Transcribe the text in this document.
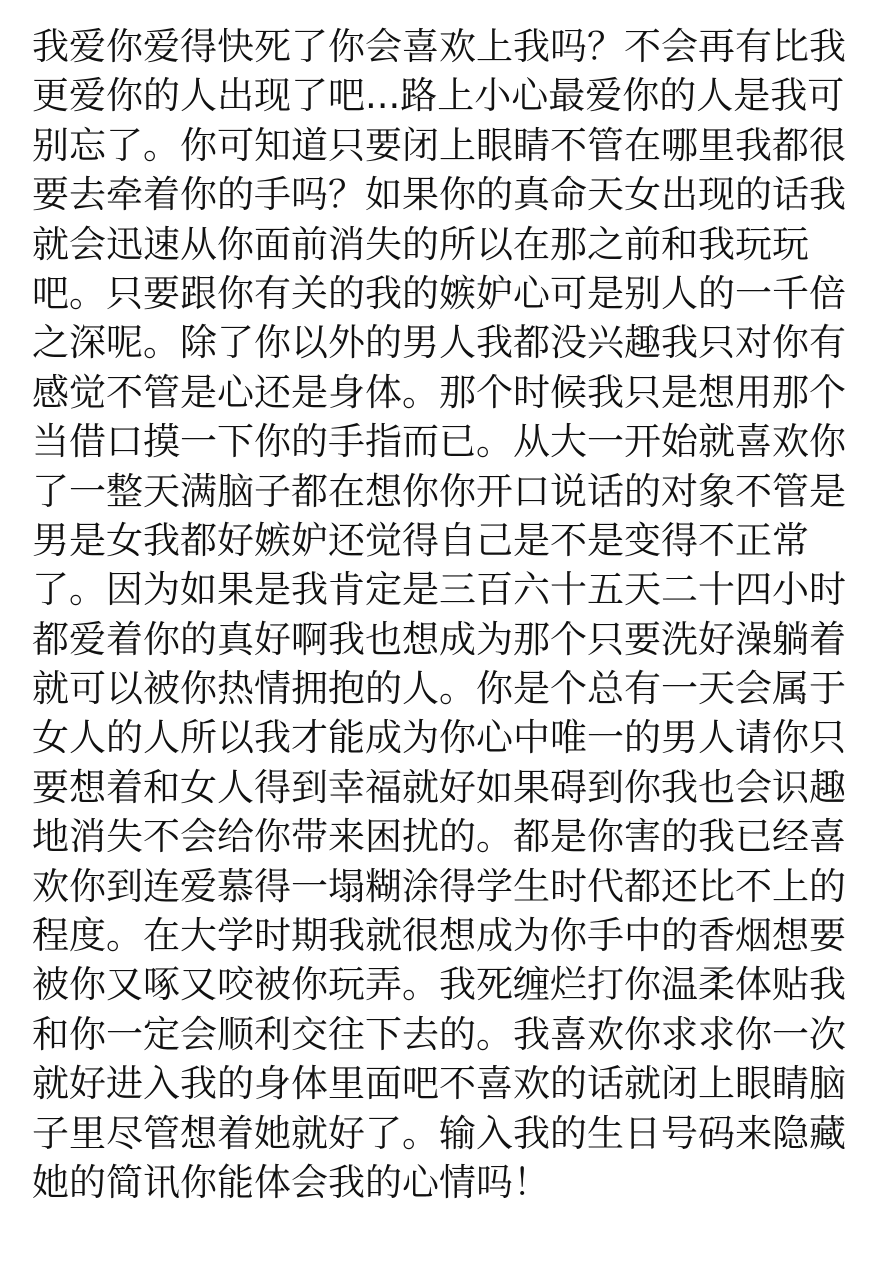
我爱你爱得快死了你会喜欢上我吗？不会再有比我
更爱你的人出现了吧...路上小心最爱你的人是我可
别忘了。你可知道只要闭上眼睛不管在哪里我都很
要去牵着你的手吗？如果你的真命天女出现的话我
就会迅速从你面前消失的所以在那之前和我玩玩
吧。只要跟你有关的我的嫉妒心可是别人的一千倍
之深呢。除了你以外的男人我都没兴趣我只对你有
感觉不管是心还是身体。那个时候我只是想用那个
当借口摸一下你的手指而已。从大一开始就喜欢你
了一整天满脑子都在想你你开口说话的对象不管是
男是女我都好嫉妒还觉得自己是不是变得不正常
了。因为如果是我肯定是三百六十五天二十四小时
都爱着你的真好啊我也想成为那个只要洗好澡躺着
就可以被你热情拥抱的人。你是个总有一天会属于
女人的人所以我才能成为你心中唯一的男人请你只
要想着和女人得到幸福就好如果碍到你我也会识趣
地消失不会给你带来困扰的。都是你害的我已经喜
欢你到连爱慕得一塌糊涂得学生时代都还比不上的
程度。在大学时期我就很想成为你手中的香烟想要
被你又啄又咬被你玩弄。我死缠烂打你温柔体贴我
和你一定会顺利交往下去的。我喜欢你求求你一次
就好进入我的身体里面吧不喜欢的话就闭上眼睛脑
子里尽管想着她就好了。输入我的生日号码来隐藏
她的简讯你能体会我的心情吗！
